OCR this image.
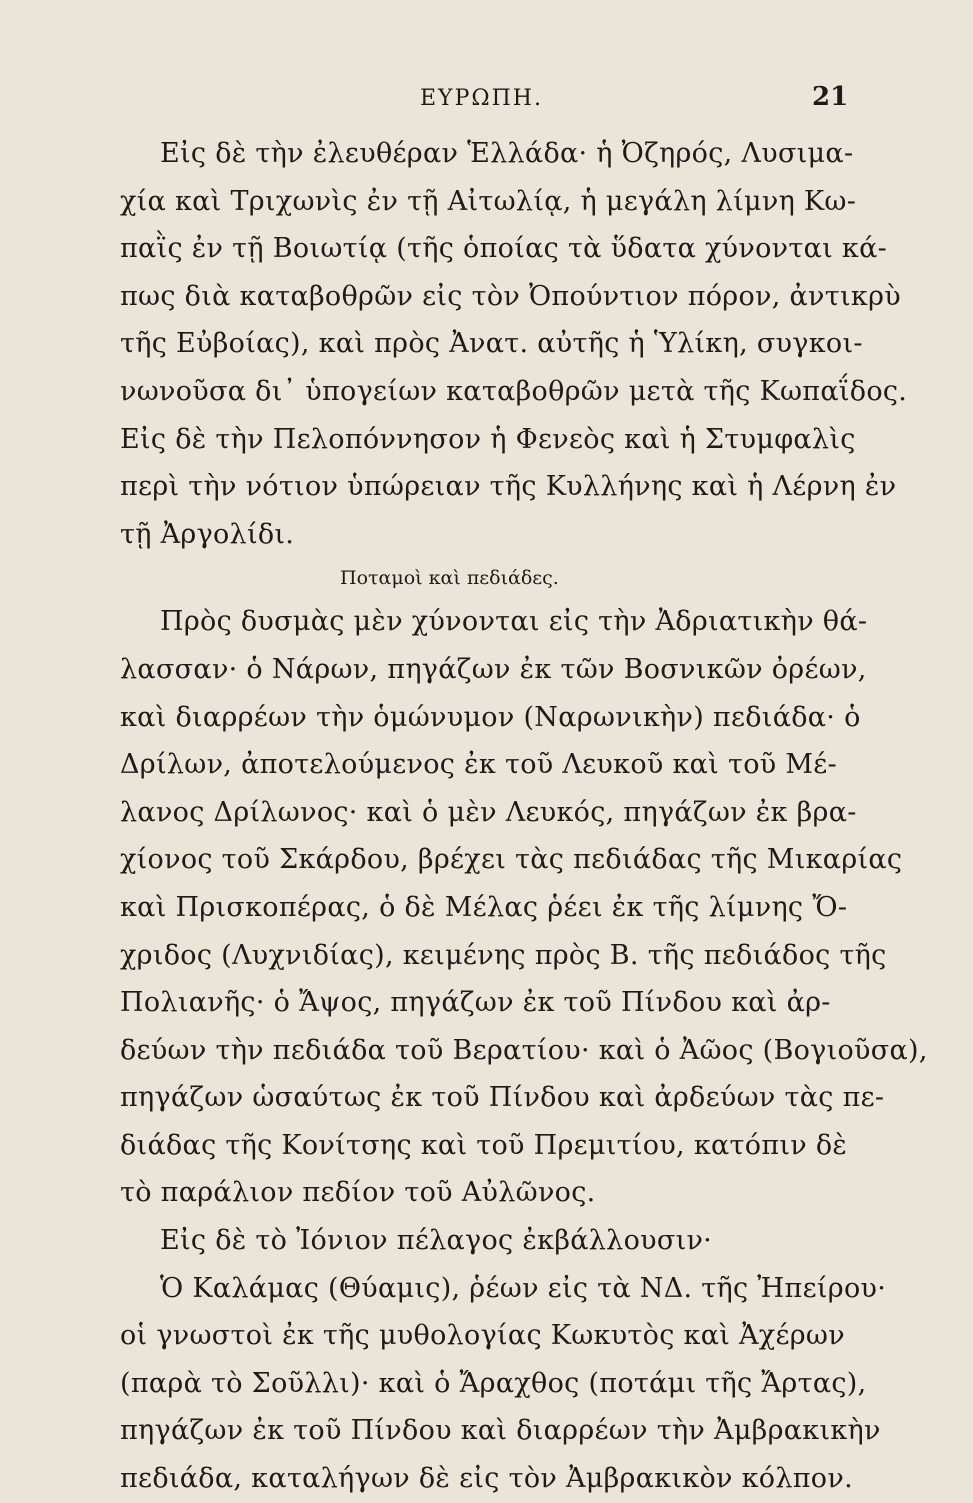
ΕΥΡΩΠΗ.	21
Εἰς δὲ τὴν ἐλευθέραν Ἑλλάδα· ἡ Ὀζηρός, Λυσιμα-
χία καὶ Τριχωνὶς ἐν τῇ Αἰτωλίᾳ, ἡ μεγάλη λίμνη Κω-
παῒς ἐν τῇ Βοιωτίᾳ (τῆς ὁποίας τὰ ὕδατα χύνονται κά-
πως διὰ καταβοθρῶν εἰς τὸν Ὀπούντιον πόρον, ἀντικρὺ
τῆς Εὐβοίας), καὶ πρὸς Ἀνατ. αὐτῆς ἡ Ὑλίκη, συγκοι-
νωνοῦσα δι᾽ ὑπογείων καταβοθρῶν μετὰ τῆς Κωπαΐδος.
Εἰς δὲ τὴν Πελοπόννησον ἡ Φενεὸς καὶ ἡ Στυμφαλὶς
περὶ τὴν νότιον ὑπώρειαν τῆς Κυλλήνης καὶ ἡ Λέρνη ἐν
τῇ Ἀργολίδι.
Ποταμοὶ καὶ πεδιάδες.
Πρὸς δυσμὰς μὲν χύνονται εἰς τὴν Ἀδριατικὴν θά-
λασσαν· ὁ Νάρων, πηγάζων ἐκ τῶν Βοσνικῶν ὀρέων,
καὶ διαρρέων τὴν ὁμώνυμον (Ναρωνικὴν) πεδιάδα· ὁ
Δρίλων, ἀποτελούμενος ἐκ τοῦ Λευκοῦ καὶ τοῦ Μέ-
λανος Δρίλωνος· καὶ ὁ μὲν Λευκός, πηγάζων ἐκ βρα-
χίονος τοῦ Σκάρδου, βρέχει τὰς πεδιάδας τῆς Μικαρίας
καὶ Πρισκοπέρας, ὁ δὲ Μέλας ῥέει ἐκ τῆς λίμνης Ὄ-
χριδος (Λυχνιδίας), κειμένης πρὸς Β. τῆς πεδιάδος τῆς
Πολιανῆς· ὁ Ἄψος, πηγάζων ἐκ τοῦ Πίνδου καὶ ἀρ-
δεύων τὴν πεδιάδα τοῦ Βερατίου· καὶ ὁ Ἀῶος (Βογιοῦσα),
πηγάζων ὡσαύτως ἐκ τοῦ Πίνδου καὶ ἀρδεύων τὰς πε-
διάδας τῆς Κονίτσης καὶ τοῦ Πρεμιτίου, κατόπιν δὲ
τὸ παράλιον πεδίον τοῦ Αὐλῶνος.
Εἰς δὲ τὸ Ἰόνιον πέλαγος ἐκβάλλουσιν·
Ὁ Καλάμας (Θύαμις), ῥέων εἰς τὰ ΝΔ. τῆς Ἠπείρου·
οἱ γνωστοὶ ἐκ τῆς μυθολογίας Κωκυτὸς καὶ Ἀχέρων
(παρὰ τὸ Σοῦλλι)· καὶ ὁ Ἄραχθος (ποτάμι τῆς Ἄρτας),
πηγάζων ἐκ τοῦ Πίνδου καὶ διαρρέων τὴν Ἀμβρακικὴν
πεδιάδα, καταλήγων δὲ εἰς τὸν Ἀμβρακικὸν κόλπον.
